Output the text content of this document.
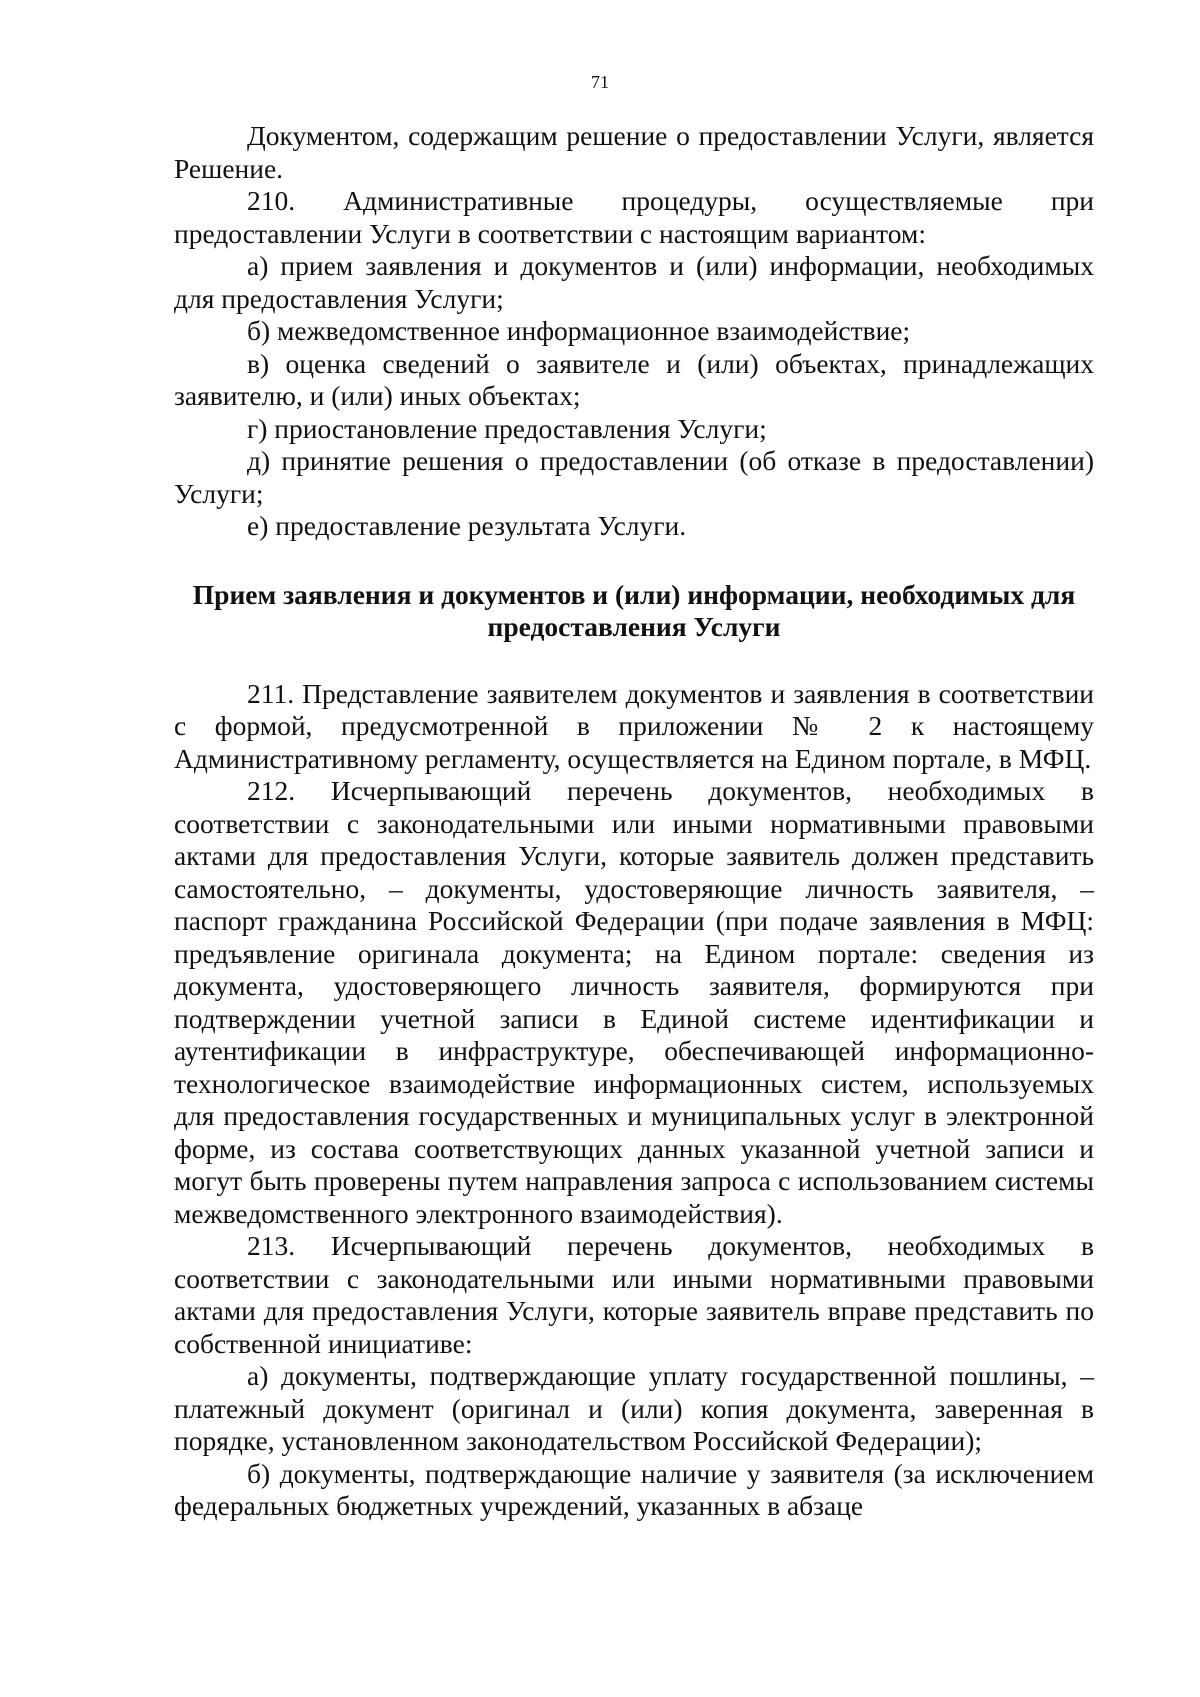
71

Документом, содержащим решение о предоставлении Услуги, является Решение.

210. Административные процедуры, осуществляемые при предоставлении Услуги в соответствии с настоящим вариантом:

а) прием заявления и документов и (или) информации, необходимых для предоставления Услуги;

б) межведомственное информационное взаимодействие;

в) оценка сведений о заявителе и (или) объектах, принадлежащих заявителю, и (или) иных объектах;

г) приостановление предоставления Услуги;

д) принятие решения о предоставлении (об отказе в предоставлении) Услуги;

е) предоставление результата Услуги.

Прием заявления и документов и (или) информации, необходимых для
предоставления Услуги

211. Представление заявителем документов и заявления в соответствии с формой, предусмотренной в приложении № 2 к настоящему Административному регламенту, осуществляется на Едином портале, в МФЦ.

212. Исчерпывающий перечень документов, необходимых в соответствии с законодательными или иными нормативными правовыми актами для предоставления Услуги, которые заявитель должен представить самостоятельно, – документы, удостоверяющие личность заявителя, – паспорт гражданина Российской Федерации (при подаче заявления в МФЦ: предъявление оригинала документа; на Едином портале: сведения из документа, удостоверяющего личность заявителя, формируются при подтверждении учетной записи в Единой системе идентификации и аутентификации в инфраструктуре, обеспечивающей информационно-технологическое взаимодействие информационных систем, используемых для предоставления государственных и муниципальных услуг в электронной форме, из состава соответствующих данных указанной учетной записи и могут быть проверены путем направления запроса с использованием системы межведомственного электронного взаимодействия).

213. Исчерпывающий перечень документов, необходимых в соответствии с законодательными или иными нормативными правовыми актами для предоставления Услуги, которые заявитель вправе представить по собственной инициативе:

а) документы, подтверждающие уплату государственной пошлины, – платежный документ (оригинал и (или) копия документа, заверенная в порядке, установленном законодательством Российской Федерации);

б) документы, подтверждающие наличие у заявителя (за исключением федеральных бюджетных учреждений, указанных в абзаце
